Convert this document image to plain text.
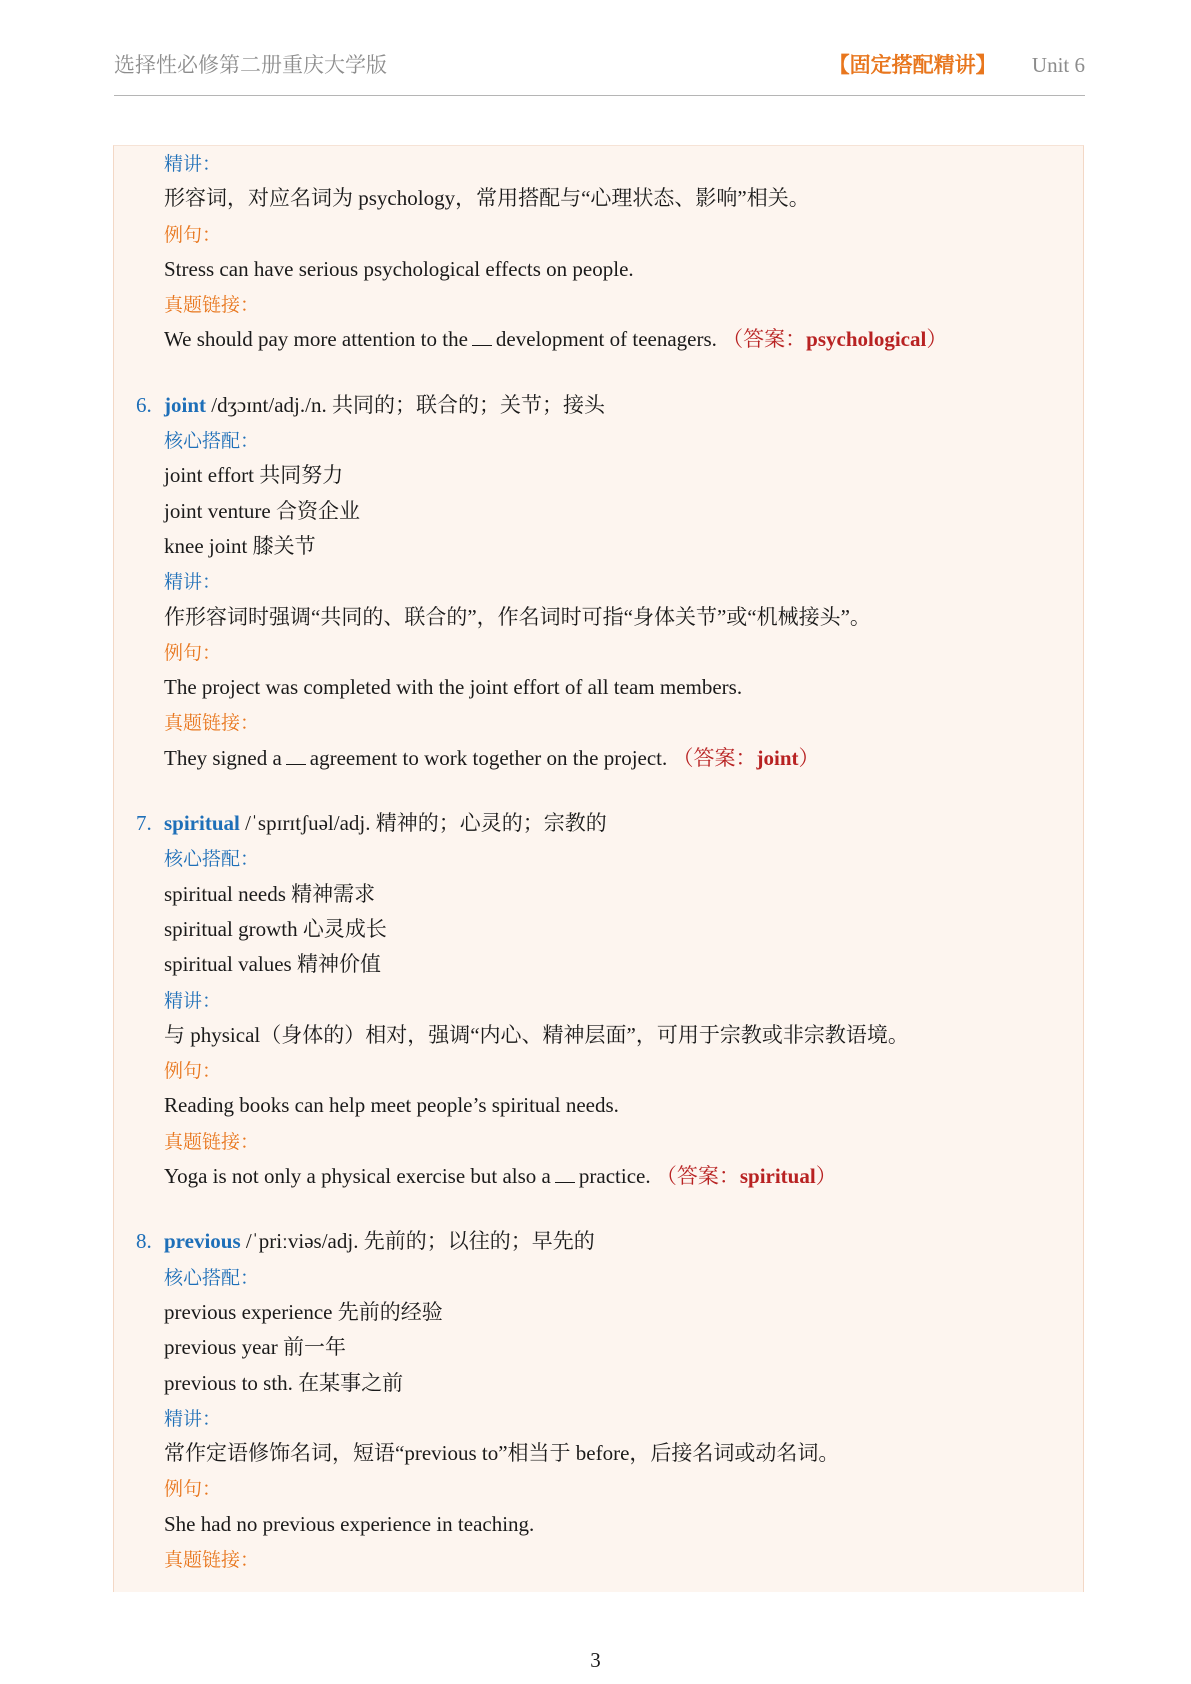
选择性必修第二册重庆大学版	【固定搭配精讲】 Unit 6
精讲：
形容词，对应名词为 psychology，常用搭配与“心理状态、影响”相关。
例句：
Stress can have serious psychological effects on people.
真题链接：
We should pay more attention to the development of teenagers. （答案：psychological）
6. joint /dʒɔɪnt/adj./n. 共同的；联合的；关节；接头
核心搭配：
joint effort 共同努力
joint venture 合资企业
knee joint 膝关节
精讲：
作形容词时强调“共同的、联合的”，作名词时可指“身体关节”或“机械接头”。
例句：
The project was completed with the joint effort of all team members.
真题链接：
They signed a agreement to work together on the project. （答案：joint）
7. spiritual /ˈspɪrɪtʃuəl/adj. 精神的；心灵的；宗教的
核心搭配：
spiritual needs 精神需求
spiritual growth 心灵成长
spiritual values 精神价值
精讲：
与 physical（身体的）相对，强调“内心、精神层面”，可用于宗教或非宗教语境。
例句：
Reading books can help meet people’s spiritual needs.
真题链接：
Yoga is not only a physical exercise but also a practice. （答案：spiritual）
8. previous /ˈpriːviəs/adj. 先前的；以往的；早先的
核心搭配：
previous experience 先前的经验
previous year 前一年
previous to sth. 在某事之前
精讲：
常作定语修饰名词，短语“previous to”相当于 before，后接名词或动名词。
例句：
She had no previous experience in teaching.
真题链接：
3
